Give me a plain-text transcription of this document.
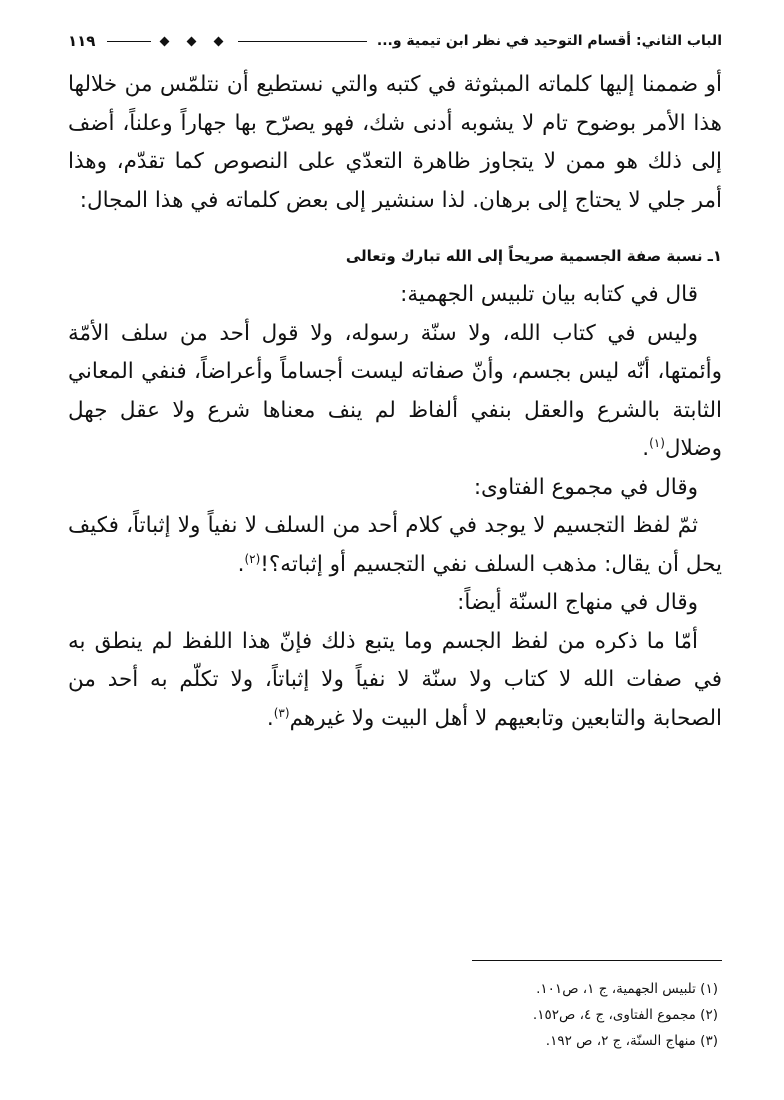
الباب الثاني: أقسام التوحيد في نظر ابن تيمية و...
١١٩

أو ضممنا إليها كلماته المبثوثة في كتبه والتي نستطيع أن نتلمّس من خلالها هذا الأمر بوضوح تام لا يشوبه أدنى شك، فهو يصرّح بها جهاراً وعلناً، أضف إلى ذلك هو ممن لا يتجاوز ظاهرة التعدّي على النصوص كما تقدّم، وهذا أمر جلي لا يحتاج إلى برهان. لذا سنشير إلى بعض كلماته في هذا المجال:

١ـ نسبة صفة الجسمية صريحاً إلى الله تبارك وتعالى

قال في كتابه بيان تلبيس الجهمية:

وليس في كتاب الله، ولا سنّة رسوله، ولا قول أحد من سلف الأمّة وأئمتها، أنّه ليس بجسم، وأنّ صفاته ليست أجساماً وأعراضاً، فنفي المعاني الثابتة بالشرع والعقل بنفي ألفاظ لم ينف معناها شرع ولا عقل جهل وضلال$^{(١)}$.

وقال في مجموع الفتاوى:

ثمّ لفظ التجسيم لا يوجد في كلام أحد من السلف لا نفياً ولا إثباتاً، فكيف يحل أن يقال: مذهب السلف نفي التجسيم أو إثباته؟!$^{(٢)}$.

وقال في منهاج السنّة أيضاً:

أمّا ما ذكره من لفظ الجسم وما يتبع ذلك فإنّ هذا اللفظ لم ينطق به في صفات الله لا كتاب ولا سنّة لا نفياً ولا إثباتاً، ولا تكلّم به أحد من الصحابة والتابعين وتابعيهم لا أهل البيت ولا غيرهم$^{(٣)}$.

(١) تلبيس الجهمية، ج ١، ص١٠١.

(٢) مجموع الفتاوى، ج ٤، ص١٥٢.

(٣) منهاج السنّة، ج ٢، ص ١٩٢.
